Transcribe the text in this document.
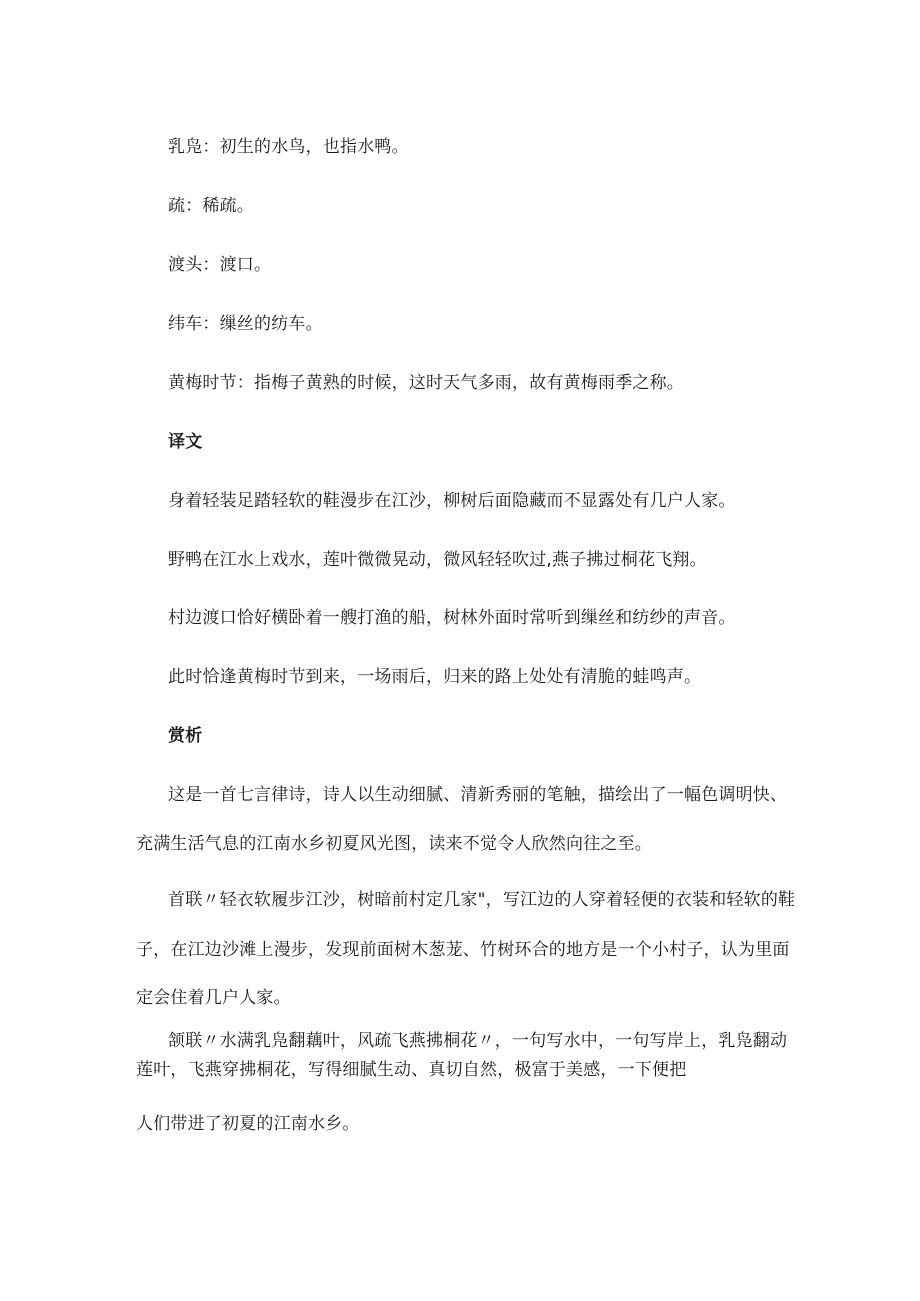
乳凫：初生的水鸟，也指水鸭。
疏：稀疏。
渡头：渡口。
纬车：缫丝的纺车。
黄梅时节：指梅子黄熟的时候，这时天气多雨，故有黄梅雨季之称。
译文
身着轻装足踏轻软的鞋漫步在江沙，柳树后面隐藏而不显露处有几户人家。
野鸭在江水上戏水，莲叶微微晃动，微风轻轻吹过,燕子拂过桐花飞翔。
村边渡口恰好横卧着一艘打渔的船，树林外面时常听到缫丝和纺纱的声音。
此时恰逢黄梅时节到来，一场雨后，归来的路上处处有清脆的蛙鸣声。
赏析
这是一首七言律诗，诗人以生动细腻、清新秀丽的笔触，描绘出了一幅色调明快、
充满生活气息的江南水乡初夏风光图，读来不觉令人欣然向往之至。
首联〃轻衣软履步江沙，树暗前村定几家"，写江边的人穿着轻便的衣装和轻软的鞋
子，在江边沙滩上漫步，发现前面树木葱茏、竹树环合的地方是一个小村子，认为里面
定会住着几户人家。
颔联〃水满乳凫翻藕叶，风疏飞燕拂桐花〃，一句写水中，一句写岸上，乳凫翻动
莲叶，飞燕穿拂桐花，写得细腻生动、真切自然，极富于美感，一下便把
人们带进了初夏的江南水乡。
